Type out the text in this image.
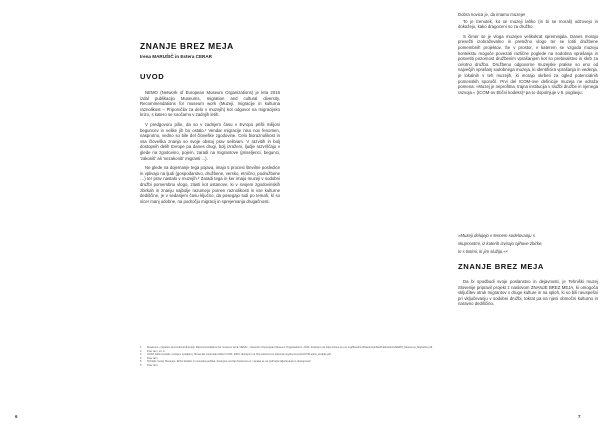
ZNANJE BREZ MEJA
Irena MARUŠIČ in Estera CERAR
UVOD

NEMO (Network of European Museum Organizations) je leta 2016 izdal publikacijo Museums, migration and cultural diversity, Recommendations for museum work (Muzeji, migracije in kulturna raznolikost – Priporočila za delo v muzejih) kot odgovor na migracijsko krizo, s katero se soočamo v zadnjih letih.

V predgovoru piše, da so v zadnjem času v Evropo prišli milijoni beguncev in velike jih bo ostalo.¹ Vendar migracije niso nov fenomen, nasprotno, vedno so bile del človeške zgodovine. Celo bioraznolikost in vsa človeška znanja so svoje obstoj prav selitvam. V razvitih in bolj dostopnih delih Evrope pa danes drugi, bolj izraženi, ljudje razvrščajo v glede na zgodovino, pojem, zaradi na migrantove (priseljenci, begunci, 'zakoniti' ali 'nezakoniti' migranti ...).

Ne glede na dojemanje tega pojava, imajo ti procesi številne posledice in vplivajo na ljudi (gospodarstvo, družbene, versko, etnično, podružbene …) ter prav nastalo v muzejih.² Zaradi tega in ker imajo muzeji v sodobni družbi pomembno vlogo, zlasti kot ustanove, ki v svojem zgodovinskih zbirkah in znanju najbolje razumejo pomen raznolikosti in vse kulturne dediščine, je v sedanjem času ključno, da posegajo tudi po temah, ki so sicer manj udobne, na področju migracij in sprejemanja drugačnosti.

6

Dobra novica je, da imamo muzeje!

To je trenutek, ko se muzeji lahko (in bi se morali) odzovejo in dokažejo, kako dragoceni so za družbo.

S čimer se je vloga muzejev velikokrat spreminjala. Danes morajo presežti izobraževalno in pretežno vlogo ter se lotiti družbene pomembnih projektov. Še v prostor, v katerem se vzgoda muzeju kontekstu mogoče povezati različne poglede na sodobna vprašanja in posvetiti pozornost družbenim vprašanjem kot so prebivalstvo in skrb za celotno družbo. Družbeno odgovorne muzejske prakse so eno od največjih vprašanj sodobnega muzeja, ki identificira vprašanja in vedenja, je lokalnih v teh muzejih, ki morajo skrbeti za ogled potencialnih pomenskih sporočil. Prvi del ICOM-ove definicije muzeja ne odraža pomena: »Muzej je neprofitna, trajna institucija v službi družbe in njenega razvoja.« (ICOM-ov Etični kodeks)³ pa to dopolnjuje v 6. poglavju:

»Muzeji delujejo v tesnem sodelovanju s
skupnostmi, iz katerih izvirajo njihove zbirke,
in s tistimi, ki jim služijo.«⁴
ZNANJE BREZ MEJA

Da bi spodbudi svoje poslanstvo in dejavnosti, je Tehniški muzej Slovenije pripravil projekt z naslovom ZNANJE BREZ MEJA, ki omogoča vključitev otrok migrantov v druge kulture in na sploh, ki so bili neuspešni pri vključevanju v sodobni družbi, tokrat pa na njeni območni kulturno in naravno dediščino.

7
1	Museums, migration and cultural diversity. Recommendations for museum work. NEMO – Network of European Museum Organisations, 2016, dostopno na https://www.ne-mo.org/fileadmin/Dateien/public/Publications/NEMO_Museums_Migration.pdf.
2	Prav tam, str. 4.
3	ICOM, Etični kodeks muzejev. Ljubljana: Slovenski nacionalni odbor ICOM, 2006, dostopno na http://www.icom-slovenia.org/documents/ICOM-eticni_kodeks.pdf.
4	Prav tam.
5	Tehniški muzej Slovenije, Etični kodeks in muzejska politika, dostopno na http://www.tms.si, nanaša se na področja vključevanja in dostopnosti.
6	Prav tam.
